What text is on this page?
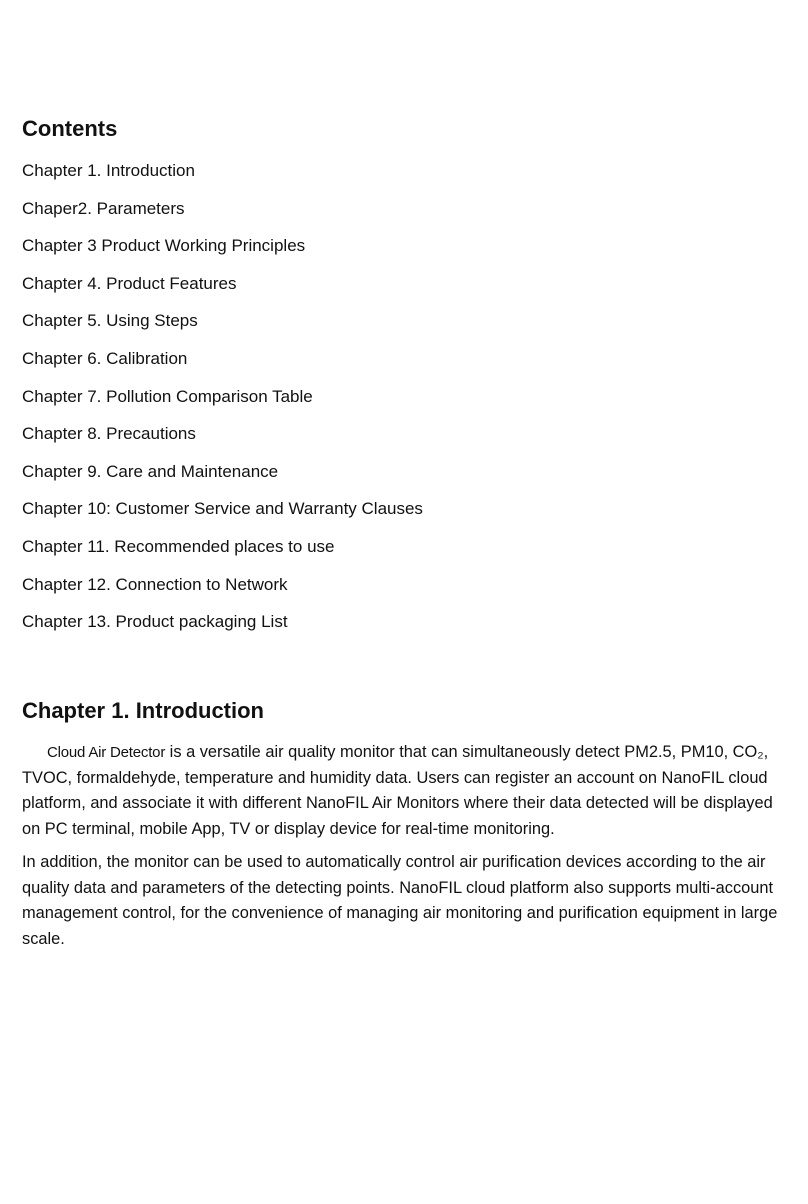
Contents
Chapter 1. Introduction
Chaper2. Parameters
Chapter 3 Product Working Principles
Chapter 4. Product Features
Chapter 5. Using Steps
Chapter 6. Calibration
Chapter 7. Pollution Comparison Table
Chapter 8. Precautions
Chapter 9. Care and Maintenance
Chapter 10: Customer Service and Warranty Clauses
Chapter 11. Recommended places to use
Chapter 12. Connection to Network
Chapter 13. Product packaging List
Chapter 1. Introduction

Cloud Air Detector is a versatile air quality monitor that can simultaneously detect PM2.5, PM10, CO₂, TVOC, formaldehyde, temperature and humidity data. Users can register an account on NanoFIL cloud platform, and associate it with different NanoFIL Air Monitors where their data detected will be displayed on PC terminal, mobile App, TV or display device for real-time monitoring.

In addition, the monitor can be used to automatically control air purification devices according to the air quality data and parameters of the detecting points. NanoFIL cloud platform also supports multi-account management control, for the convenience of managing air monitoring and purification equipment in large scale.
